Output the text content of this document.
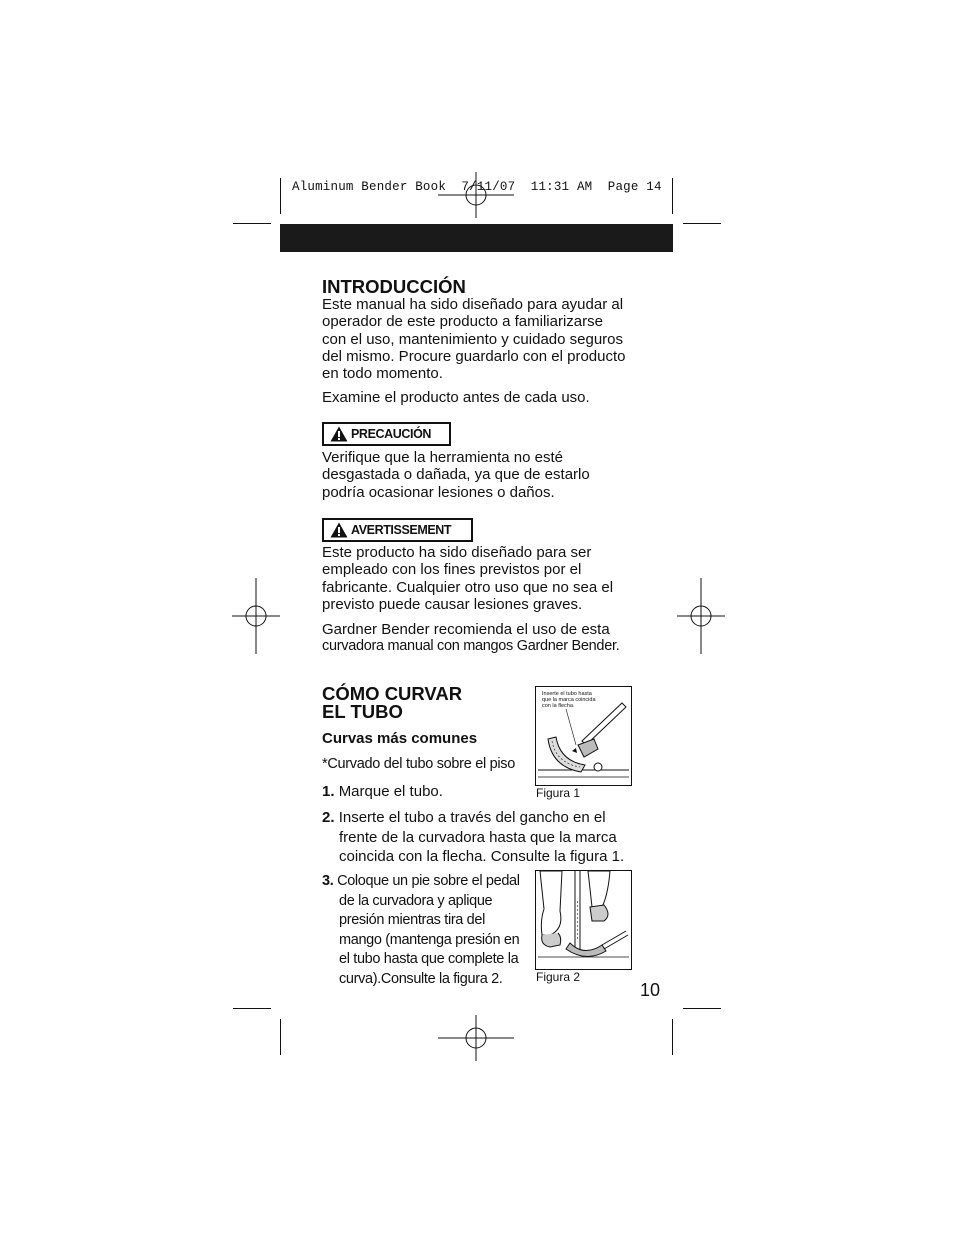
Aluminum Bender Book  7/11/07  11:31 AM  Page 14
INTRODUCCIÓN
Este manual ha sido diseñado para ayudar al
operador de este producto a familiarizarse
con el uso, mantenimiento y cuidado seguros
del mismo. Procure guardarlo con el producto
en todo momento.
Examine el producto antes de cada uso.
PRECAUCIÓN
Verifique que la herramienta no esté
desgastada o dañada, ya que de estarlo
podría ocasionar lesiones o daños.
AVERTISSEMENT
Este producto ha sido diseñado para ser
empleado con los fines previstos por el
fabricante. Cualquier otro uso que no sea el
previsto puede causar lesiones graves.
Gardner Bender recomienda el uso de esta
curvadora manual con mangos Gardner Bender.
CÓMO CURVAR
EL TUBO
Curvas más comunes
*Curvado del tubo sobre el piso
1. Marque el tubo.
2. Inserte el tubo a través del gancho en el
frente de la curvadora hasta que la marca
coincida con la flecha. Consulte la figura 1.
3. Coloque un pie sobre el pedal
de la curvadora y aplique
presión mientras tira del
mango (mantenga presión en
el tubo hasta que complete la
curva).Consulte la figura 2.
Inserte el tubo hasta
que la marca coincida
con la flecha.
Figura 1
Figura 2
10
